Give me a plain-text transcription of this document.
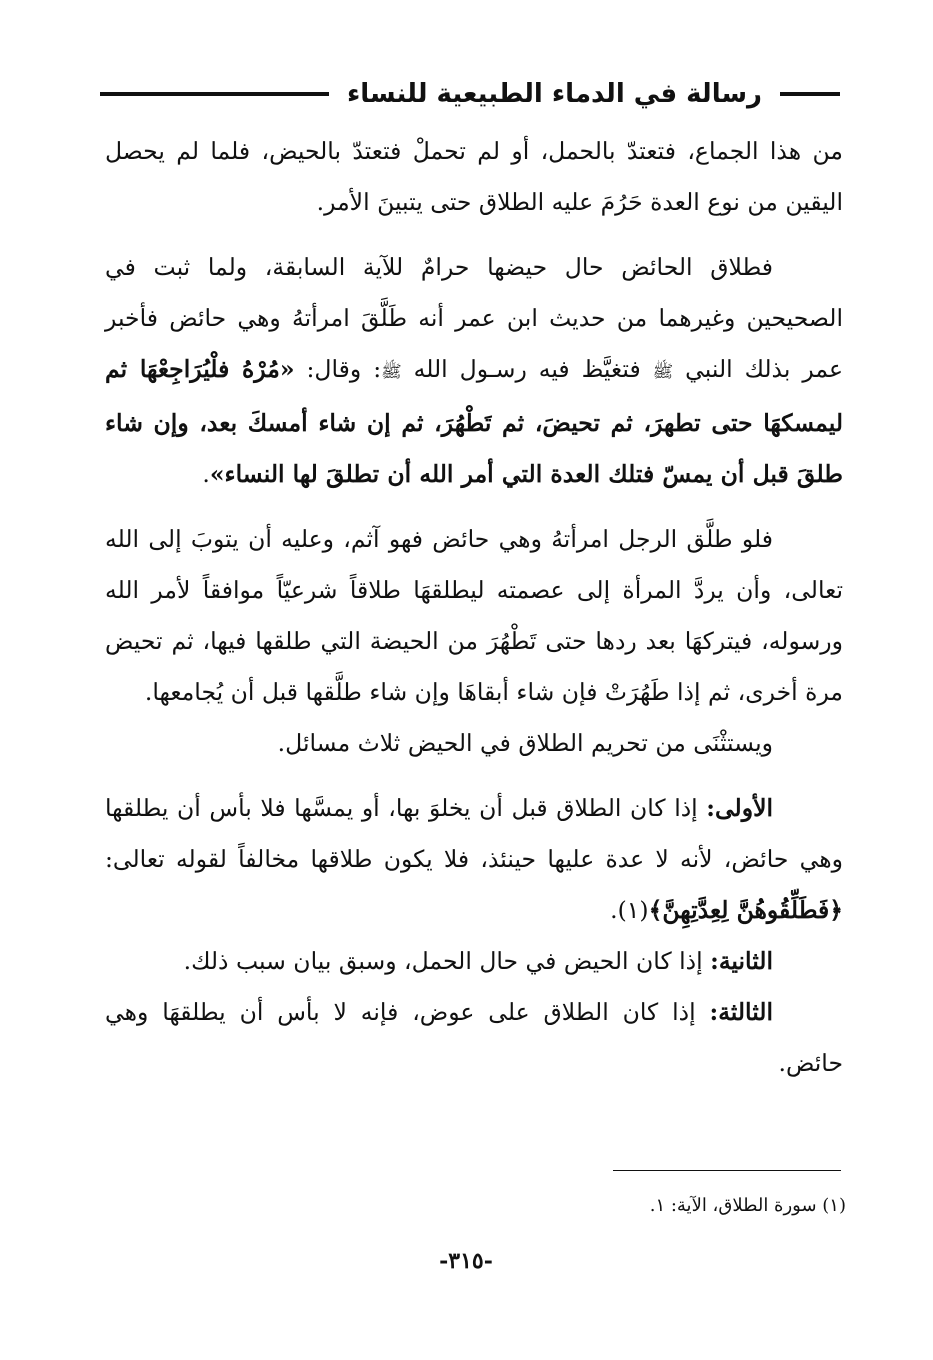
رسالة في الدماء الطبيعية للنساء

من هذا الجماع، فتعتدّ بالحمل، أو لم تحملْ فتعتدّ بالحيض، فلما لم يحصل اليقين من نوع العدة حَرُمَ عليه الطلاق حتى يتبينَ الأمر.

فطلاق الحائض حال حيضها حرامٌ للآية السابقة، ولما ثبت في الصحيحين وغيرهما من حديث ابن عمر أنه طَلَّقَ امرأتهُ وهي حائض فأخبر عمر بذلك النبي ﷺ فتغيَّظ فيه رسـول الله ﷺ: وقال: «مُرْهُ فلْيُرَاجِعْهَا ثم ليمسكهَا حتى تطهرَ، ثم تحيضَ، ثم تَطْهُرَ، ثم إن شاء أمسكَ بعد، وإن شاء طلقَ قبل أن يمسّ فتلك العدة التي أمر الله أن تطلقَ لها النساء».

فلو طلَّق الرجل امرأتهُ وهي حائض فهو آثم، وعليه أن يتوبَ إلى الله تعالى، وأن يردَّ المرأة إلى عصمته ليطلقهَا طلاقاً شرعيّاً موافقاً لأمر الله ورسوله، فيتركهَا بعد ردها حتى تَطْهُرَ من الحيضة التي طلقها فيها، ثم تحيض مرة أخرى، ثم إذا طَهُرَتْ فإن شاء أبقاهَا وإن شاء طلَّقها قبل أن يُجامعها.

ويستثْنَى من تحريم الطلاق في الحيض ثلاث مسائل.

الأولى: إذا كان الطلاق قبل أن يخلوَ بها، أو يمسَّها فلا بأس أن يطلقها وهي حائض، لأنه لا عدة عليها حينئذ، فلا يكون طلاقها مخالفاً لقوله تعالى: ﴿فَطَلِّقُوهُنَّ لِعِدَّتِهِنَّ﴾(١).

الثانية: إذا كان الحيض في حال الحمل، وسبق بيان سبب ذلك.

الثالثة: إذا كان الطلاق على عوض، فإنه لا بأس أن يطلقهَا وهي حائض.

(١) سورة الطلاق، الآية: ١.
-٣١٥-
